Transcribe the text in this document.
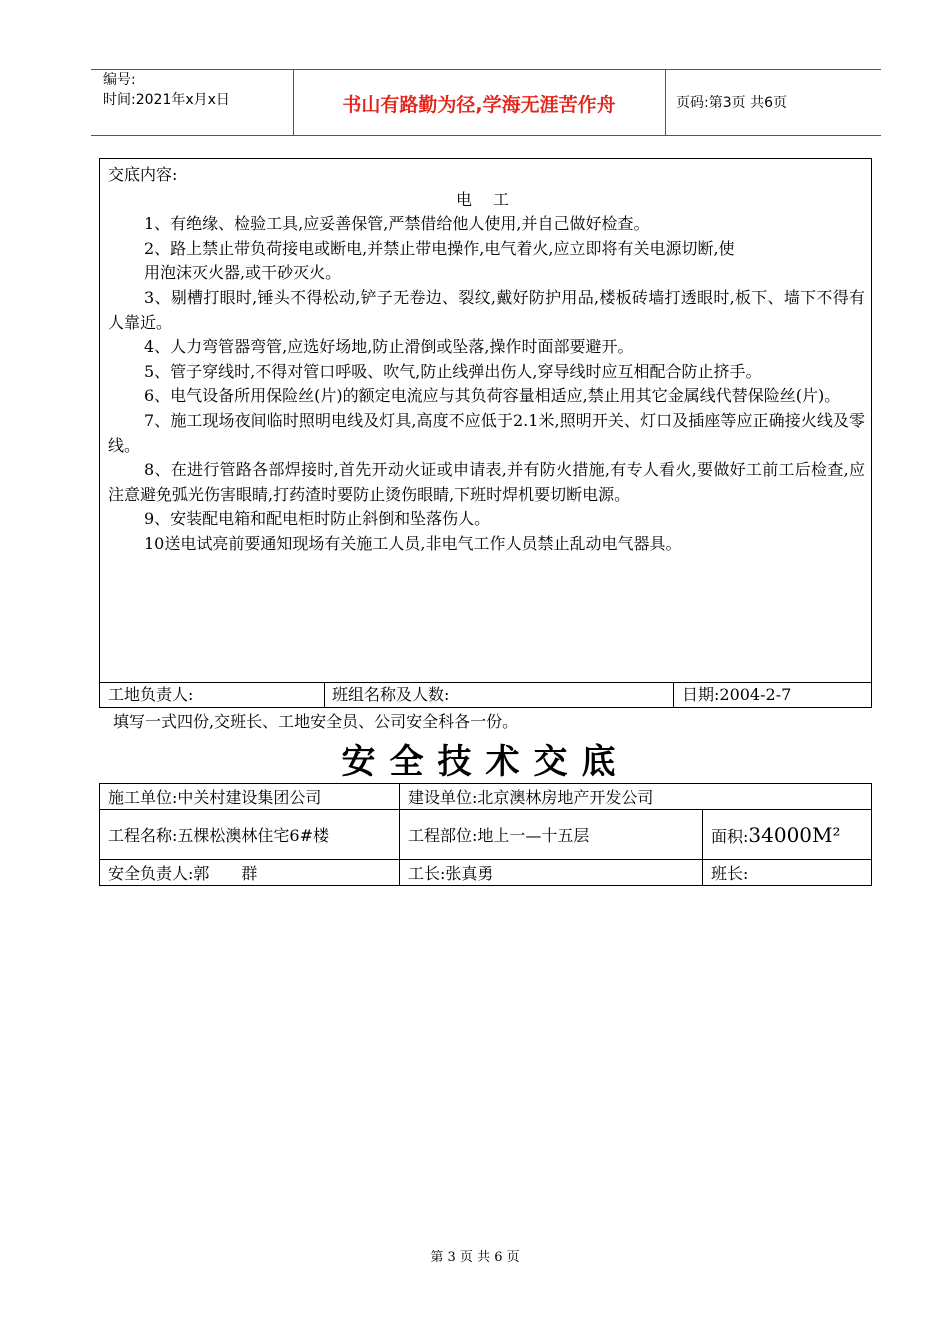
编号:
时间:2021年x月x日	书山有路勤为径,学海无涯苦作舟	页码:第3页 共6页

交底内容:

电 工

1、有绝缘、检验工具,应妥善保管,严禁借给他人使用,并自己做好检查。

2、路上禁止带负荷接电或断电,并禁止带电操作,电气着火,应立即将有关电源切断,使

用泡沫灭火器,或干砂灭火。

3、剔槽打眼时,锤头不得松动,铲子无卷边、裂纹,戴好防护用品,楼板砖墙打透眼时,板下、墙下不得有人靠近。

4、人力弯管器弯管,应选好场地,防止滑倒或坠落,操作时面部要避开。

5、管子穿线时,不得对管口呼吸、吹气,防止线弹出伤人,穿导线时应互相配合防止挤手。

6、电气设备所用保险丝(片)的额定电流应与其负荷容量相适应,禁止用其它金属线代替保险丝(片)。

7、施工现场夜间临时照明电线及灯具,高度不应低于2.1米,照明开关、灯口及插座等应正确接火线及零线。

8、在进行管路各部焊接时,首先开动火证或申请表,并有防火措施,有专人看火,要做好工前工后检查,应注意避免弧光伤害眼睛,打药渣时要防止烫伤眼睛,下班时焊机要切断电源。

9、安装配电箱和配电柜时防止斜倒和坠落伤人。

10送电试亮前要通知现场有关施工人员,非电气工作人员禁止乱动电气器具。

工地负责人:	班组名称及人数:	日期:2004-2-7
填写一式四份,交班长、工地安全员、公司安全科各一份。
安全技术交底
施工单位:中关村建设集团公司	建设单位:北京澳林房地产开发公司	
工程名称:五棵松澳林住宅6#楼	工程部位:地上一—十五层	面积:34000M²
安全负责人:郭　　群	工长:张真勇	班长:
第 3 页 共 6 页
